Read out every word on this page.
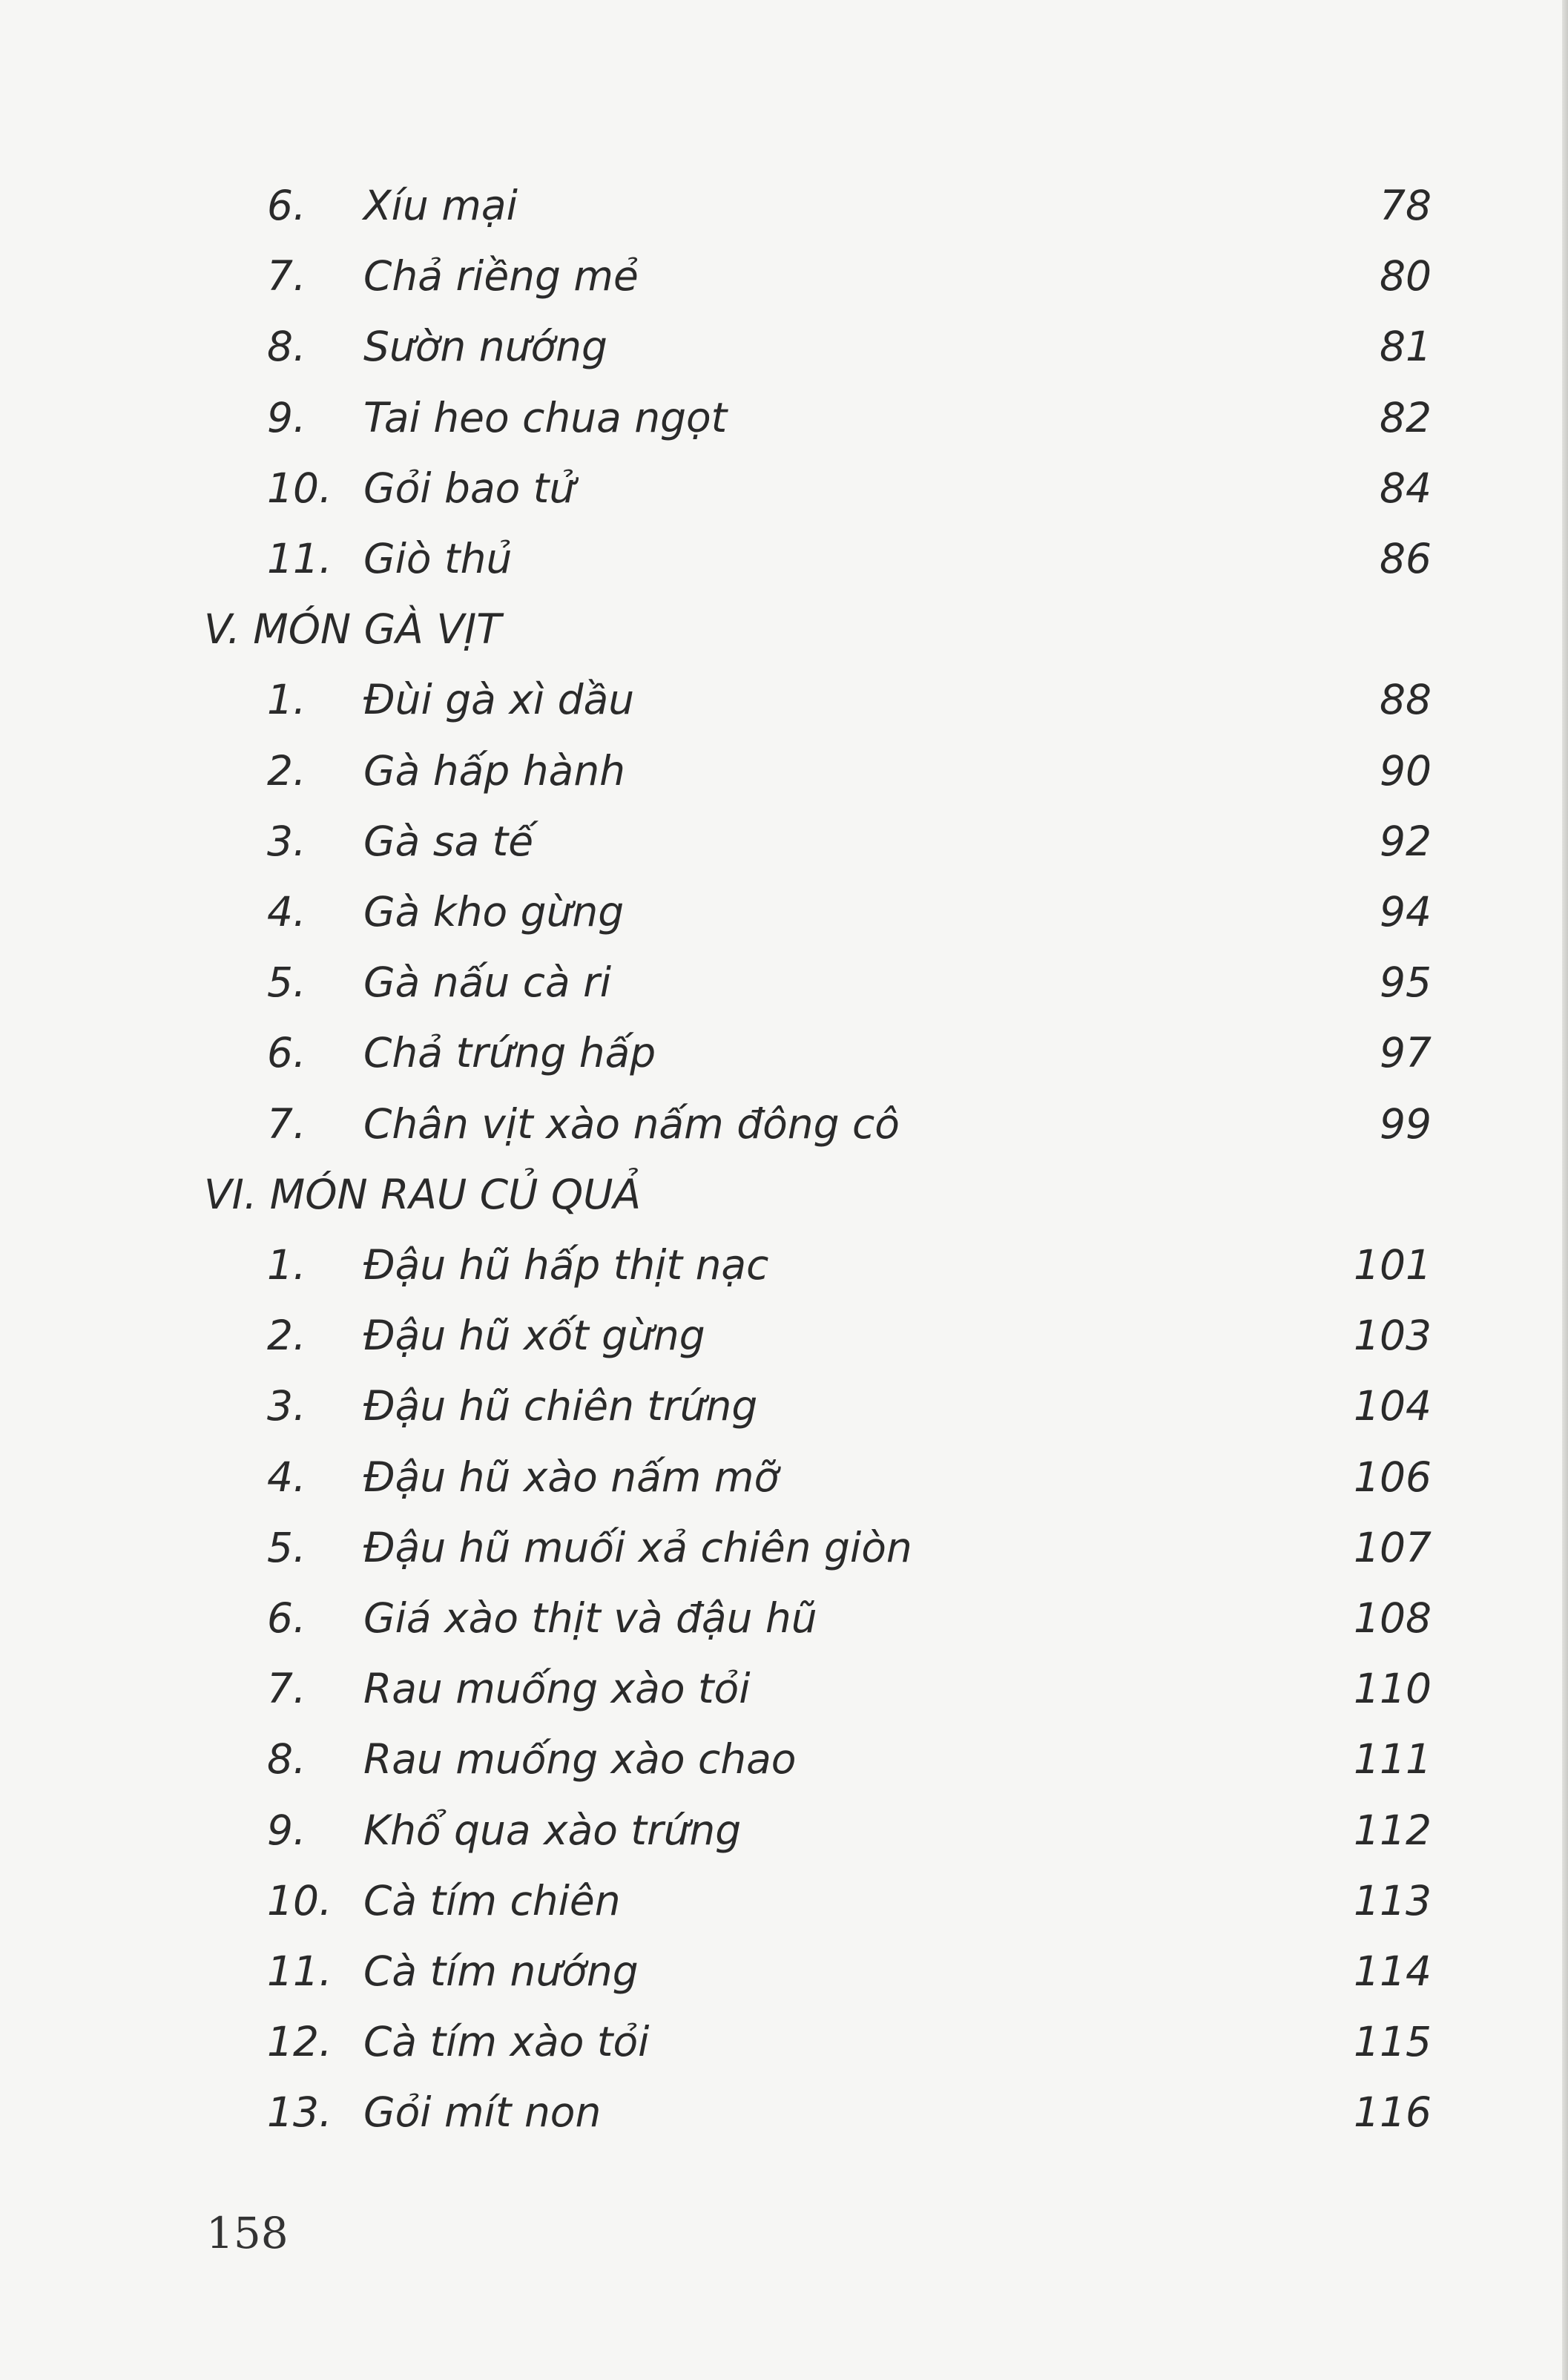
6. Xíu mại	78
7. Chả riềng mẻ	80
8. Sườn nướng	81
9. Tai heo chua ngọt	82
10. Gỏi bao tử	84
11. Giò thủ	86
V. MÓN GÀ VỊT
1. Đùi gà xì dầu	88
2. Gà hấp hành	90
3. Gà sa tế	92
4. Gà kho gừng	94
5. Gà nấu cà ri	95
6. Chả trứng hấp	97
7. Chân vịt xào nấm đông cô	99
VI. MÓN RAU CỦ QUẢ
1. Đậu hũ hấp thịt nạc	101
2. Đậu hũ xốt gừng	103
3. Đậu hũ chiên trứng	104
4. Đậu hũ xào nấm mỡ	106
5. Đậu hũ muối xả chiên giòn	107
6. Giá xào thịt và đậu hũ	108
7. Rau muống xào tỏi	110
8. Rau muống xào chao	111
9. Khổ qua xào trứng	112
10. Cà tím chiên	113
11. Cà tím nướng	114
12. Cà tím xào tỏi	115
13. Gỏi mít non	116
158
